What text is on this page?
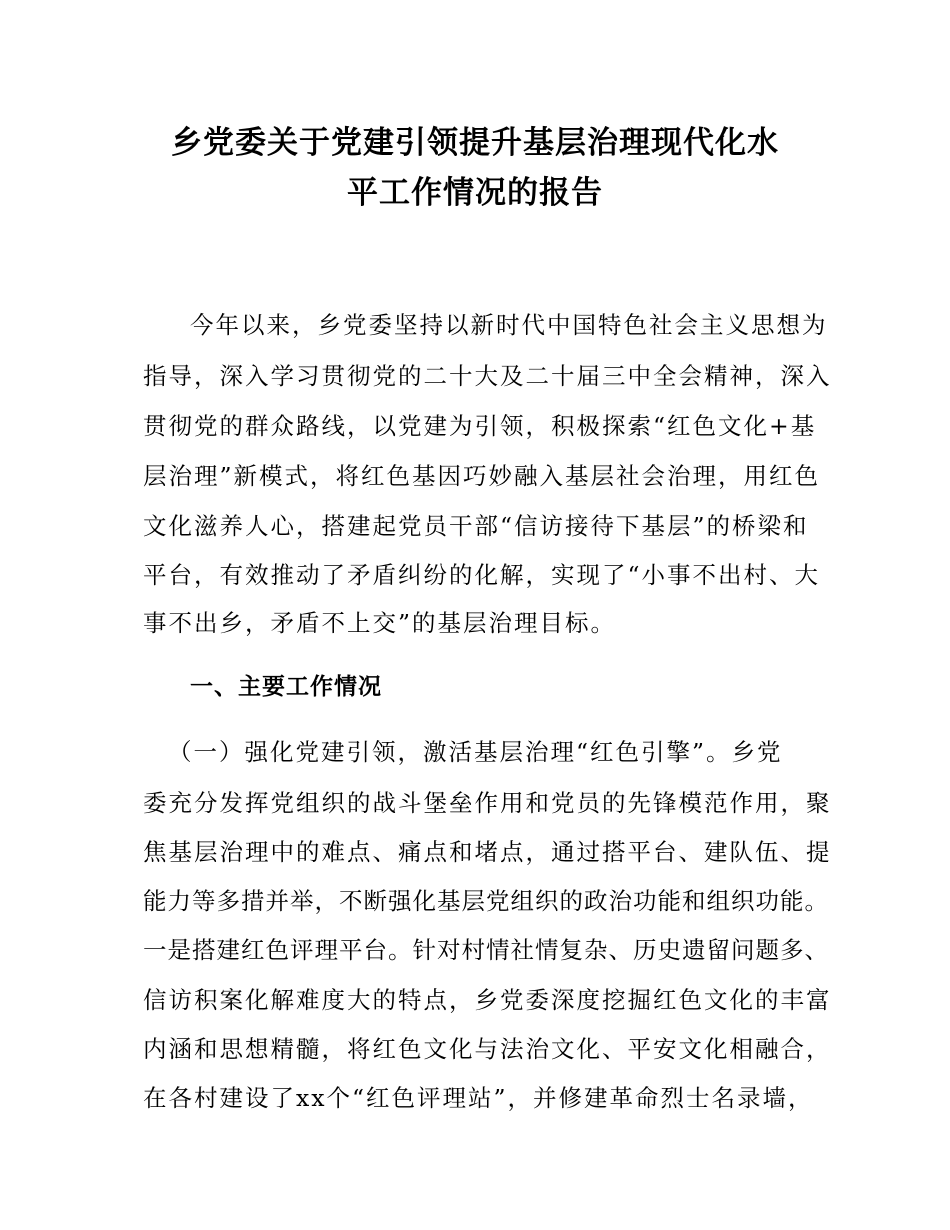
乡党委关于党建引领提升基层治理现代化水
平工作情况的报告
今年以来，乡党委坚持以新时代中国特色社会主义思想为
指导，深入学习贯彻党的二十大及二十届三中全会精神，深入
贯彻党的群众路线，以党建为引领，积极探索“红色文化+基
层治理”新模式，将红色基因巧妙融入基层社会治理，用红色
文化滋养人心，搭建起党员干部“信访接待下基层”的桥梁和
平台，有效推动了矛盾纠纷的化解，实现了“小事不出村、大
事不出乡，矛盾不上交”的基层治理目标。
一、主要工作情况
（一）强化党建引领，激活基层治理“红色引擎”。乡党
委充分发挥党组织的战斗堡垒作用和党员的先锋模范作用，聚
焦基层治理中的难点、痛点和堵点，通过搭平台、建队伍、提
能力等多措并举，不断强化基层党组织的政治功能和组织功能。
一是搭建红色评理平台。针对村情社情复杂、历史遗留问题多、
信访积案化解难度大的特点，乡党委深度挖掘红色文化的丰富
内涵和思想精髓，将红色文化与法治文化、平安文化相融合，
在各村建设了xx个“红色评理站”，并修建革命烈士名录墙，
